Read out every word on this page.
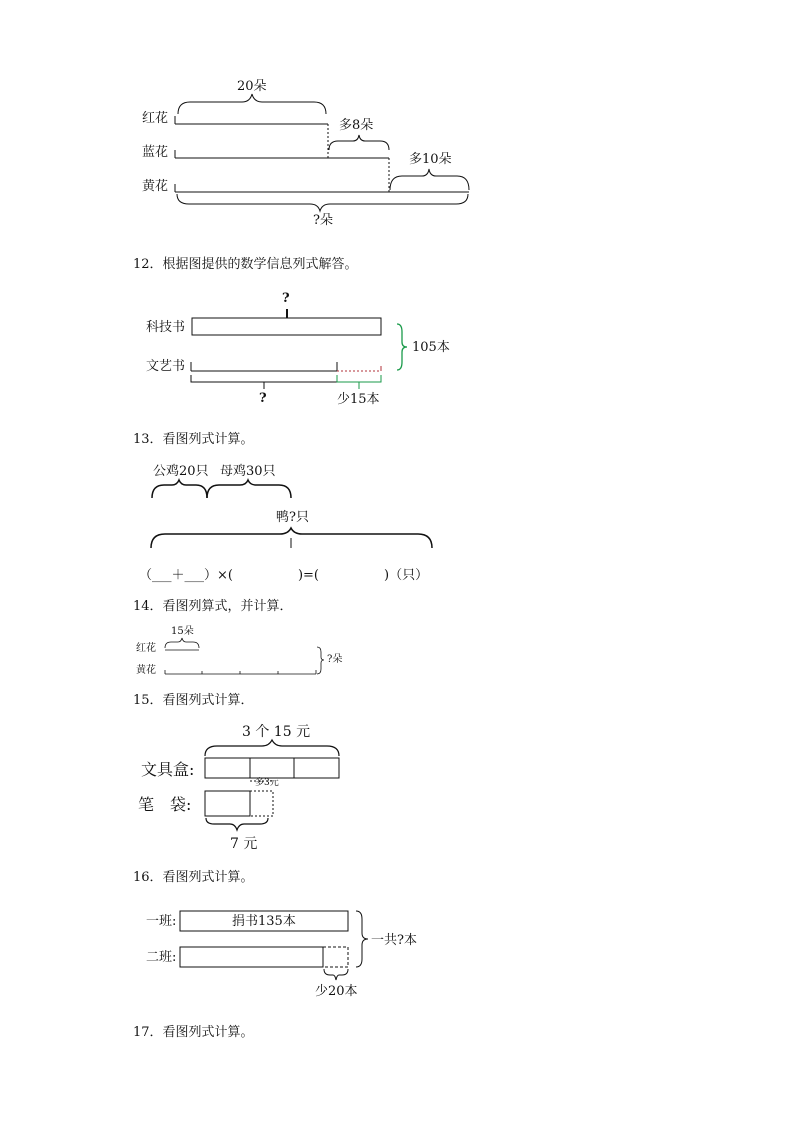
红花
蓝花
黄花
20朵
多8朵
多10朵
?朵
12．根据图提供的数学信息列式解答。
科技书
文艺书
?
105本
?	少15本
13．看图列式计算。
公鸡20只 母鸡30只
鸭?只
（___＋___）×(　　　　　)=(　　　　　)（只）
14．看图列算式，并计算．
15朵
红花
黄花
?朵
15．看图列式计算．
3 个 15 元
文具盒:
笔　袋:
多3元
7 元
16．看图列式计算。
一班:
二班:
捐书135本
一共?本
少20本
17．看图列式计算。
